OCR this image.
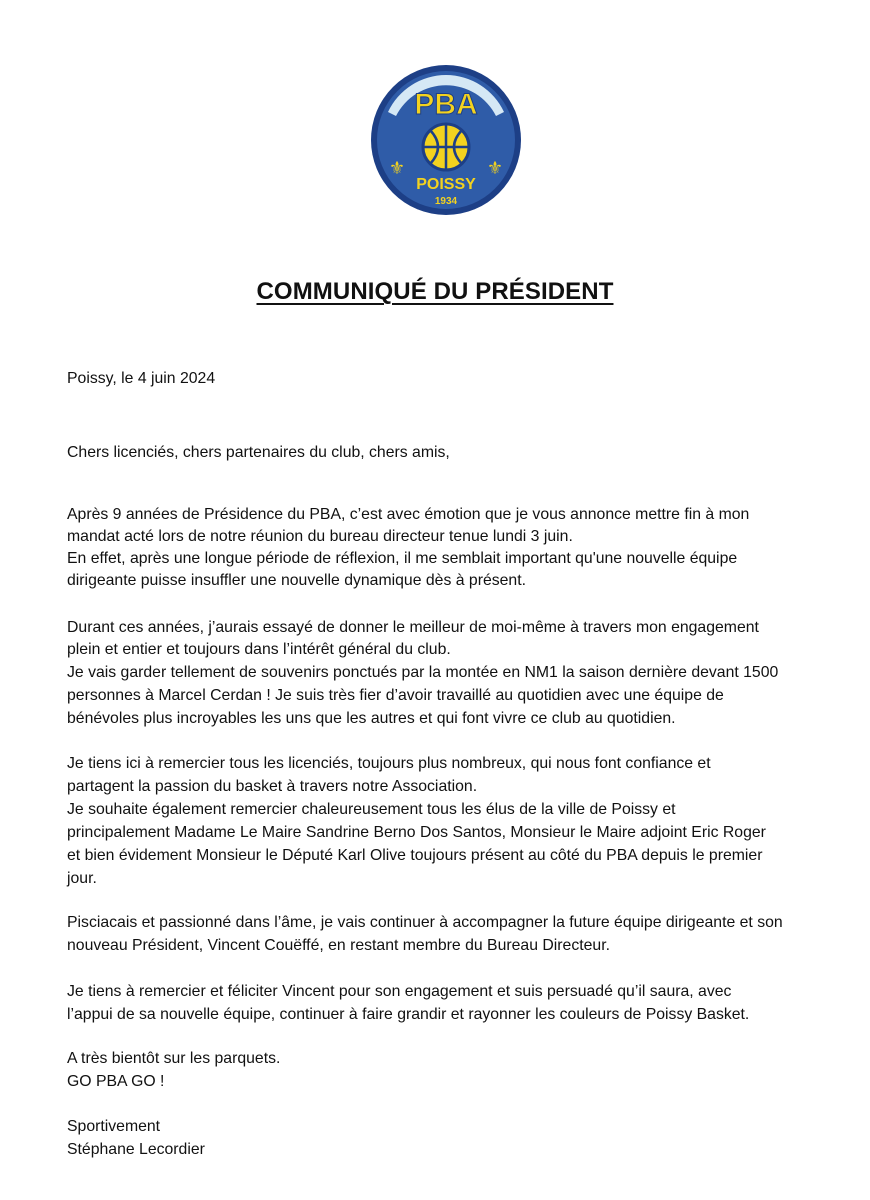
PBA
⚜	⚜
POISSY
1934
COMMUNIQUÉ DU PRÉSIDENT

Poissy, le 4 juin 2024

Chers licenciés, chers partenaires du club, chers amis,

Après 9 années de Présidence du PBA, c’est avec émotion que je vous annonce mettre fin à mon

mandat acté lors de notre réunion du bureau directeur tenue lundi 3 juin.

En effet, après une longue période de réflexion, il me semblait important qu'une nouvelle équipe

dirigeante puisse insuffler une nouvelle dynamique dès à présent.

Durant ces années, j’aurais essayé de donner le meilleur de moi-même à travers mon engagement

plein et entier et toujours dans l’intérêt général du club.

Je vais garder tellement de souvenirs ponctués par la montée en NM1 la saison dernière devant 1500

personnes à Marcel Cerdan ! Je suis très fier d’avoir travaillé au quotidien avec une équipe de

bénévoles plus incroyables les uns que les autres et qui font vivre ce club au quotidien.

Je tiens ici à remercier tous les licenciés, toujours plus nombreux, qui nous font confiance et

partagent la passion du basket à travers notre Association.

Je souhaite également remercier chaleureusement tous les élus de la ville de Poissy et

principalement Madame Le Maire Sandrine Berno Dos Santos, Monsieur le Maire adjoint Eric Roger

et bien évidement Monsieur le Député Karl Olive toujours présent au côté du PBA depuis le premier

jour.

Pisciacais et passionné dans l’âme, je vais continuer à accompagner la future équipe dirigeante et son

nouveau Président, Vincent Couëffé, en restant membre du Bureau Directeur.

Je tiens à remercier et féliciter Vincent pour son engagement et suis persuadé qu’il saura, avec

l’appui de sa nouvelle équipe, continuer à faire grandir et rayonner les couleurs de Poissy Basket.

A très bientôt sur les parquets.

GO PBA GO !

Sportivement

Stéphane Lecordier
